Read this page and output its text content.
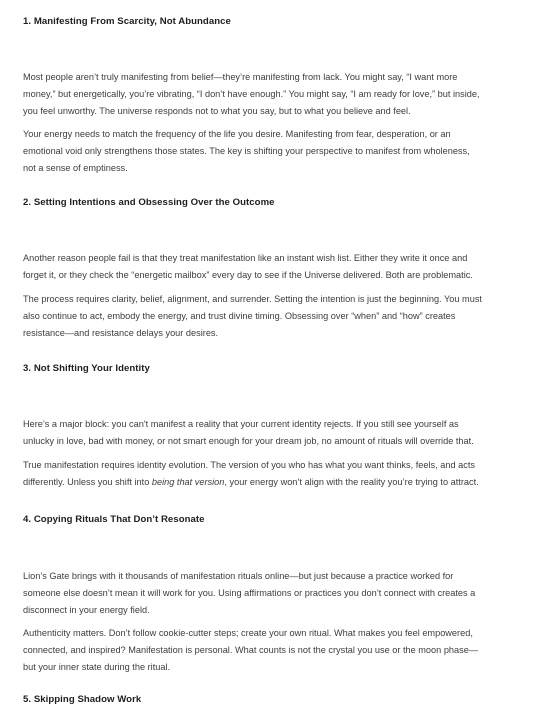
1. Manifesting From Scarcity, Not Abundance

Most people aren’t truly manifesting from belief—they’re manifesting from lack. You might say, “I want more
money,” but energetically, you’re vibrating, “I don’t have enough.” You might say, “I am ready for love,” but inside,
you feel unworthy. The universe responds not to what you say, but to what you believe and feel.

Your energy needs to match the frequency of the life you desire. Manifesting from fear, desperation, or an
emotional void only strengthens those states. The key is shifting your perspective to manifest from wholeness,
not a sense of emptiness.

2. Setting Intentions and Obsessing Over the Outcome

Another reason people fail is that they treat manifestation like an instant wish list. Either they write it once and
forget it, or they check the “energetic mailbox” every day to see if the Universe delivered. Both are problematic.

The process requires clarity, belief, alignment, and surrender. Setting the intention is just the beginning. You must
also continue to act, embody the energy, and trust divine timing. Obsessing over “when” and “how” creates
resistance—and resistance delays your desires.

3. Not Shifting Your Identity

Here’s a major block: you can't manifest a reality that your current identity rejects. If you still see yourself as
unlucky in love, bad with money, or not smart enough for your dream job, no amount of rituals will override that.

True manifestation requires identity evolution. The version of you who has what you want thinks, feels, and acts
differently. Unless you shift into being that version, your energy won’t align with the reality you’re trying to attract.

4. Copying Rituals That Don’t Resonate

Lion’s Gate brings with it thousands of manifestation rituals online—but just because a practice worked for
someone else doesn’t mean it will work for you. Using affirmations or practices you don’t connect with creates a
disconnect in your energy field.

Authenticity matters. Don’t follow cookie-cutter steps; create your own ritual. What makes you feel empowered,
connected, and inspired? Manifestation is personal. What counts is not the crystal you use or the moon phase—
but your inner state during the ritual.

5. Skipping Shadow Work
